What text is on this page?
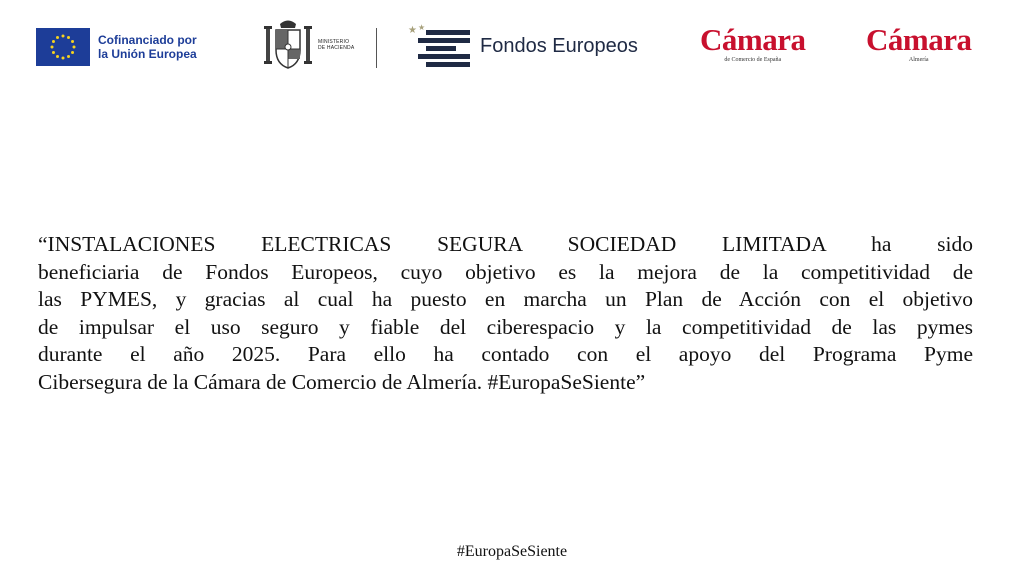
Cofinanciado por
la Unión Europea
MINISTERIO
DE HACIENDA
★ ★
Fondos Europeos Cámara
de Comercio de España
Cámara
Almería

“INSTALACIONES ELECTRICAS SEGURA SOCIEDAD LIMITADA ha sido
beneficiaria de Fondos Europeos, cuyo objetivo es la mejora de la competitividad de
las PYMES, y gracias al cual ha puesto en marcha un Plan de Acción con el objetivo
de impulsar el uso seguro y fiable del ciberespacio y la competitividad de las pymes
durante el año 2025. Para ello ha contado con el apoyo del Programa Pyme
Cibersegura de la Cámara de Comercio de Almería. #EuropaSeSiente”

#EuropaSeSiente
